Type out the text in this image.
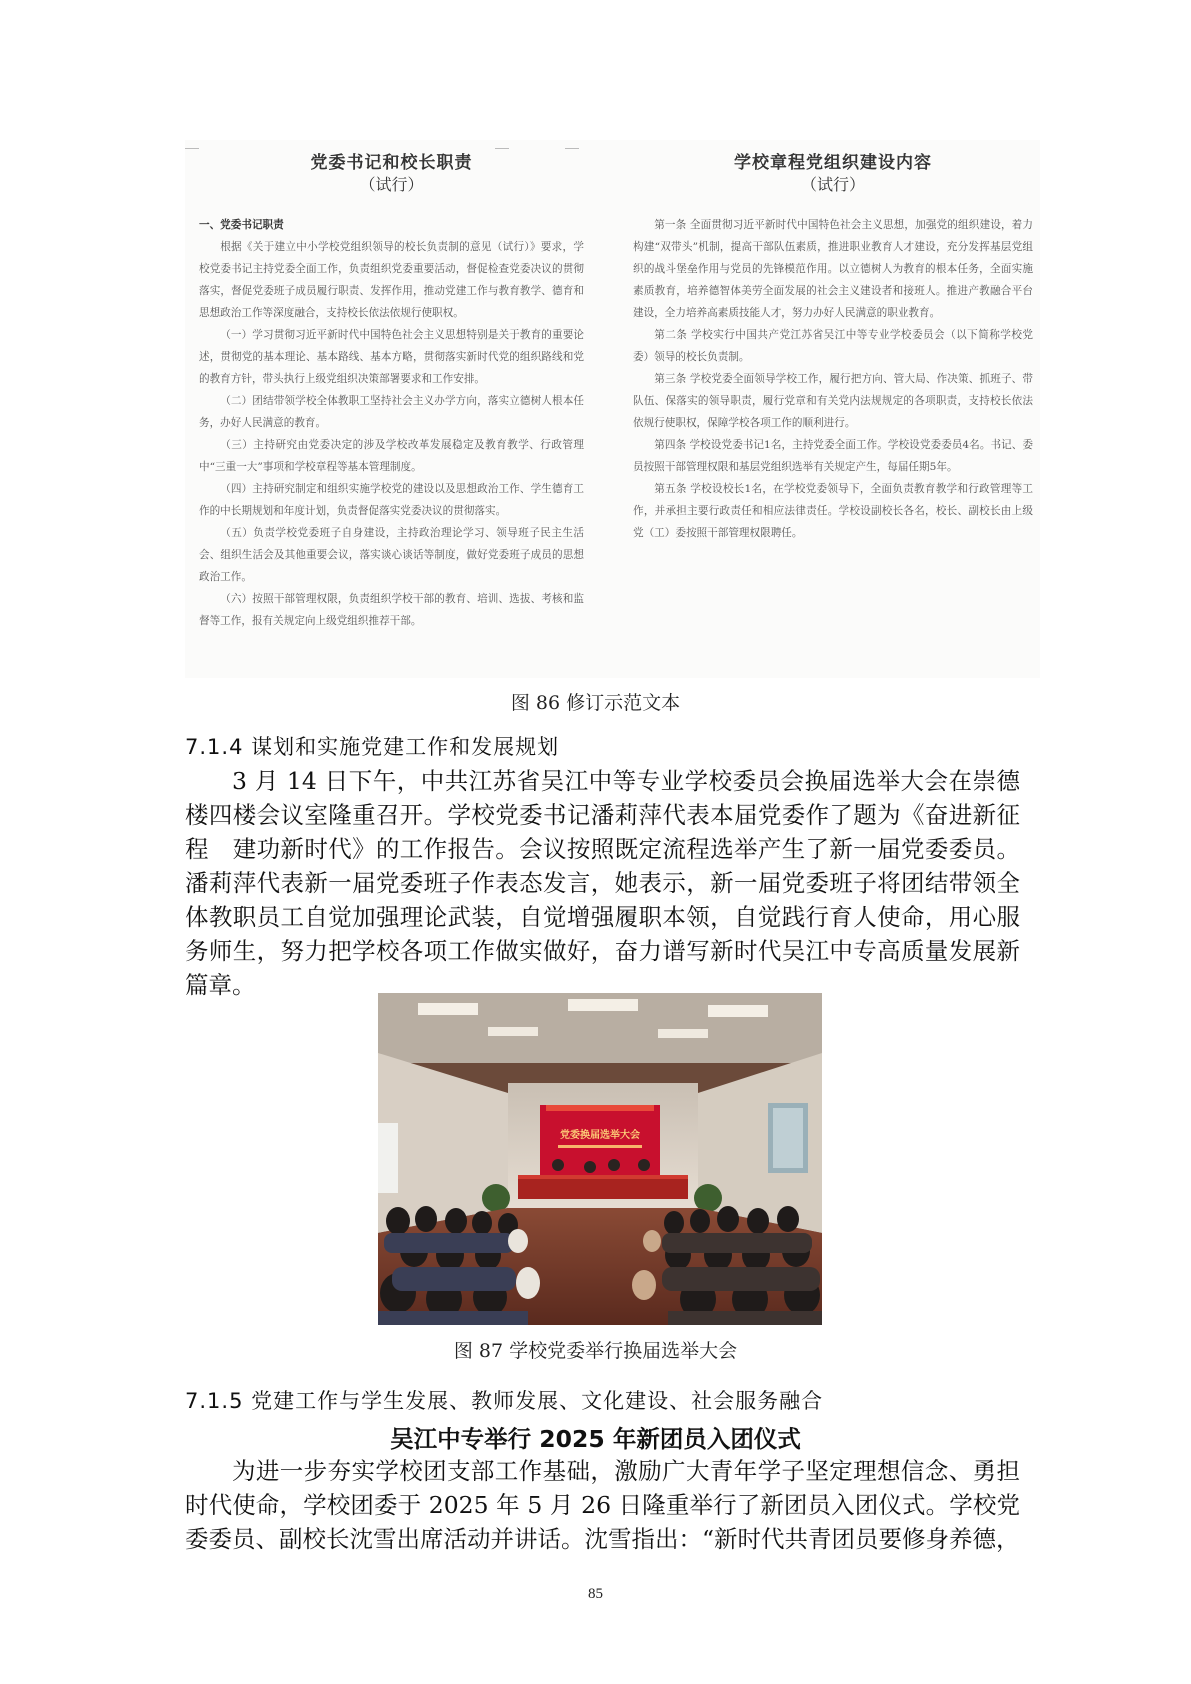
党委书记和校长职责
（试行）
一、党委书记职责
根据《关于建立中小学校党组织领导的校长负责制的意见（试行）》要求，学校党委书记主持党委全面工作，负责组织党委重要活动，督促检查党委决议的贯彻落实，督促党委班子成员履行职责、发挥作用，推动党建工作与教育教学、德育和思想政治工作等深度融合，支持校长依法依规行使职权。
（一）学习贯彻习近平新时代中国特色社会主义思想特别是关于教育的重要论述，贯彻党的基本理论、基本路线、基本方略，贯彻落实新时代党的组织路线和党的教育方针，带头执行上级党组织决策部署要求和工作安排。
（二）团结带领学校全体教职工坚持社会主义办学方向，落实立德树人根本任务，办好人民满意的教育。
（三）主持研究由党委决定的涉及学校改革发展稳定及教育教学、行政管理中“三重一大”事项和学校章程等基本管理制度。
（四）主持研究制定和组织实施学校党的建设以及思想政治工作、学生德育工作的中长期规划和年度计划，负责督促落实党委决议的贯彻落实。
（五）负责学校党委班子自身建设，主持政治理论学习、领导班子民主生活会、组织生活会及其他重要会议，落实谈心谈话等制度，做好党委班子成员的思想政治工作。
（六）按照干部管理权限，负责组织学校干部的教育、培训、选拔、考核和监督等工作，报有关规定向上级党组织推荐干部。
学校章程党组织建设内容
（试行）
第一条 全面贯彻习近平新时代中国特色社会主义思想，加强党的组织建设，着力构建“双带头”机制，提高干部队伍素质，推进职业教育人才建设，充分发挥基层党组织的战斗堡垒作用与党员的先锋模范作用。以立德树人为教育的根本任务，全面实施素质教育，培养德智体美劳全面发展的社会主义建设者和接班人。推进产教融合平台建设，全力培养高素质技能人才，努力办好人民满意的职业教育。
第二条 学校实行中国共产党江苏省吴江中等专业学校委员会（以下简称学校党委）领导的校长负责制。
第三条 学校党委全面领导学校工作，履行把方向、管大局、作决策、抓班子、带队伍、保落实的领导职责，履行党章和有关党内法规规定的各项职责，支持校长依法依规行使职权，保障学校各项工作的顺利进行。
第四条 学校设党委书记1名，主持党委全面工作。学校设党委委员4名。书记、委员按照干部管理权限和基层党组织选举有关规定产生，每届任期5年。
第五条 学校设校长1名，在学校党委领导下，全面负责教育教学和行政管理等工作，并承担主要行政责任和相应法律责任。学校设副校长各名，校长、副校长由上级党（工）委按照干部管理权限聘任。
图 86 修订示范文本
7.1.4 谋划和实施党建工作和发展规划

3 月 14 日下午，中共江苏省吴江中等专业学校委员会换届选举大会在崇德楼四楼会议室隆重召开。学校党委书记潘莉萍代表本届党委作了题为《奋进新征程　建功新时代》的工作报告。会议按照既定流程选举产生了新一届党委委员。潘莉萍代表新一届党委班子作表态发言，她表示，新一届党委班子将团结带领全体教职员工自觉加强理论武装，自觉增强履职本领，自觉践行育人使命，用心服务师生，努力把学校各项工作做实做好，奋力谱写新时代吴江中专高质量发展新篇章。

党委换届选举大会
图 87 学校党委举行换届选举大会
7.1.5 党建工作与学生发展、教师发展、文化建设、社会服务融合
吴江中专举行 2025 年新团员入团仪式

为进一步夯实学校团支部工作基础，激励广大青年学子坚定理想信念、勇担时代使命，学校团委于 2025 年 5 月 26 日隆重举行了新团员入团仪式。学校党委委员、副校长沈雪出席活动并讲话。沈雪指出：“新时代共青团员要修身养德，

85
